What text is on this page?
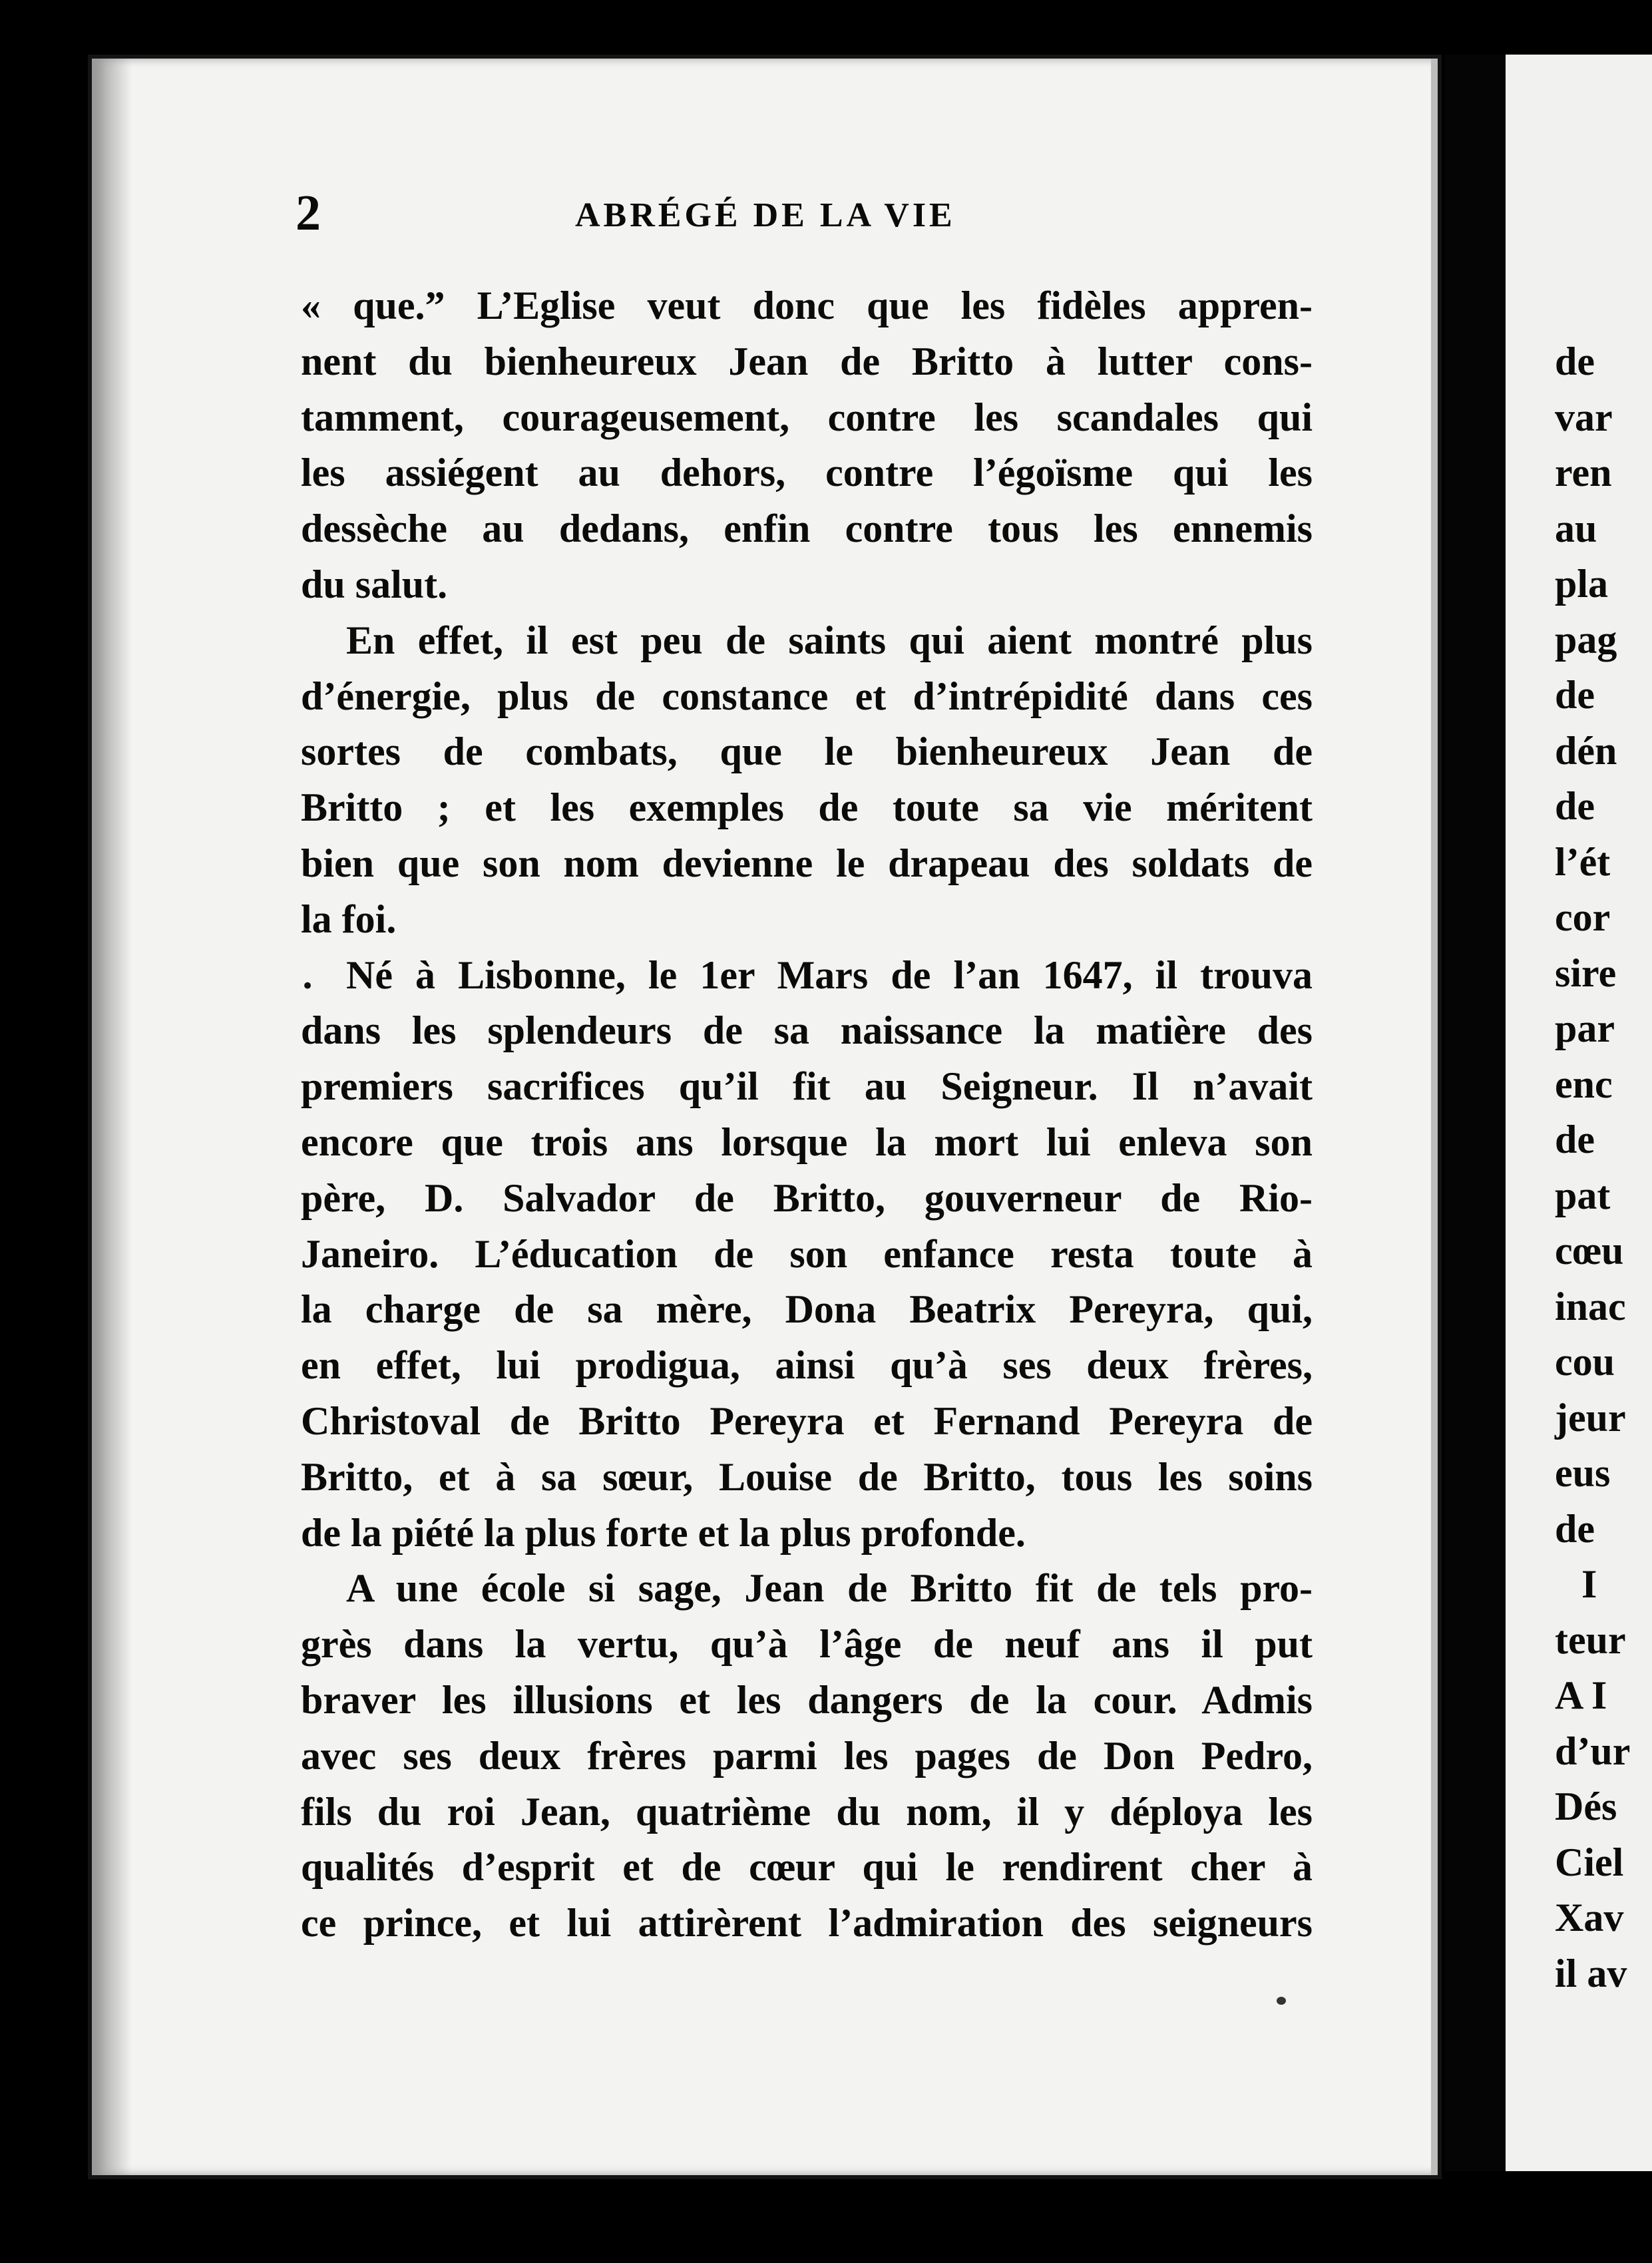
2	ABRÉGÉ DE LA VIE
•
« que.” L’Eglise veut donc que les fidèles appren-
nent du bienheureux Jean de Britto à lutter cons-
tamment, courageusement, contre les scandales qui
les assiégent au dehors, contre l’égoïsme qui les
dessèche au dedans, enfin contre tous les ennemis
du salut.
En effet, il est peu de saints qui aient montré plus
d’énergie, plus de constance et d’intrépidité dans ces
sortes de combats, que le bienheureux Jean de
Britto ; et les exemples de toute sa vie méritent
bien que son nom devienne le drapeau des soldats de
la foi.
Né à Lisbonne, le 1er Mars de l’an 1647, il trouva
dans les splendeurs de sa naissance la matière des
premiers sacrifices qu’il fit au Seigneur. Il n’avait
encore que trois ans lorsque la mort lui enleva son
père, D. Salvador de Britto, gouverneur de Rio-
Janeiro. L’éducation de son enfance resta toute à
la charge de sa mère, Dona Beatrix Pereyra, qui,
en effet, lui prodigua, ainsi qu’à ses deux frères,
Christoval de Britto Pereyra et Fernand Pereyra de
Britto, et à sa sœur, Louise de Britto, tous les soins
de la piété la plus forte et la plus profonde.
A une école si sage, Jean de Britto fit de tels pro-
grès dans la vertu, qu’à l’âge de neuf ans il put
braver les illusions et les dangers de la cour. Admis
avec ses deux frères parmi les pages de Don Pedro,
fils du roi Jean, quatrième du nom, il y déploya les
qualités d’esprit et de cœur qui le rendirent cher à
ce prince, et lui attirèrent l’admiration des seigneurs
de
var
ren
au
pla
pag
de
dén
de
l’ét
cor
sire
par
enc
de
pat
cœu
inac
cou
jeur
eus
de
I
teur
A I
d’ur
Dés
Ciel
Xav
il av
